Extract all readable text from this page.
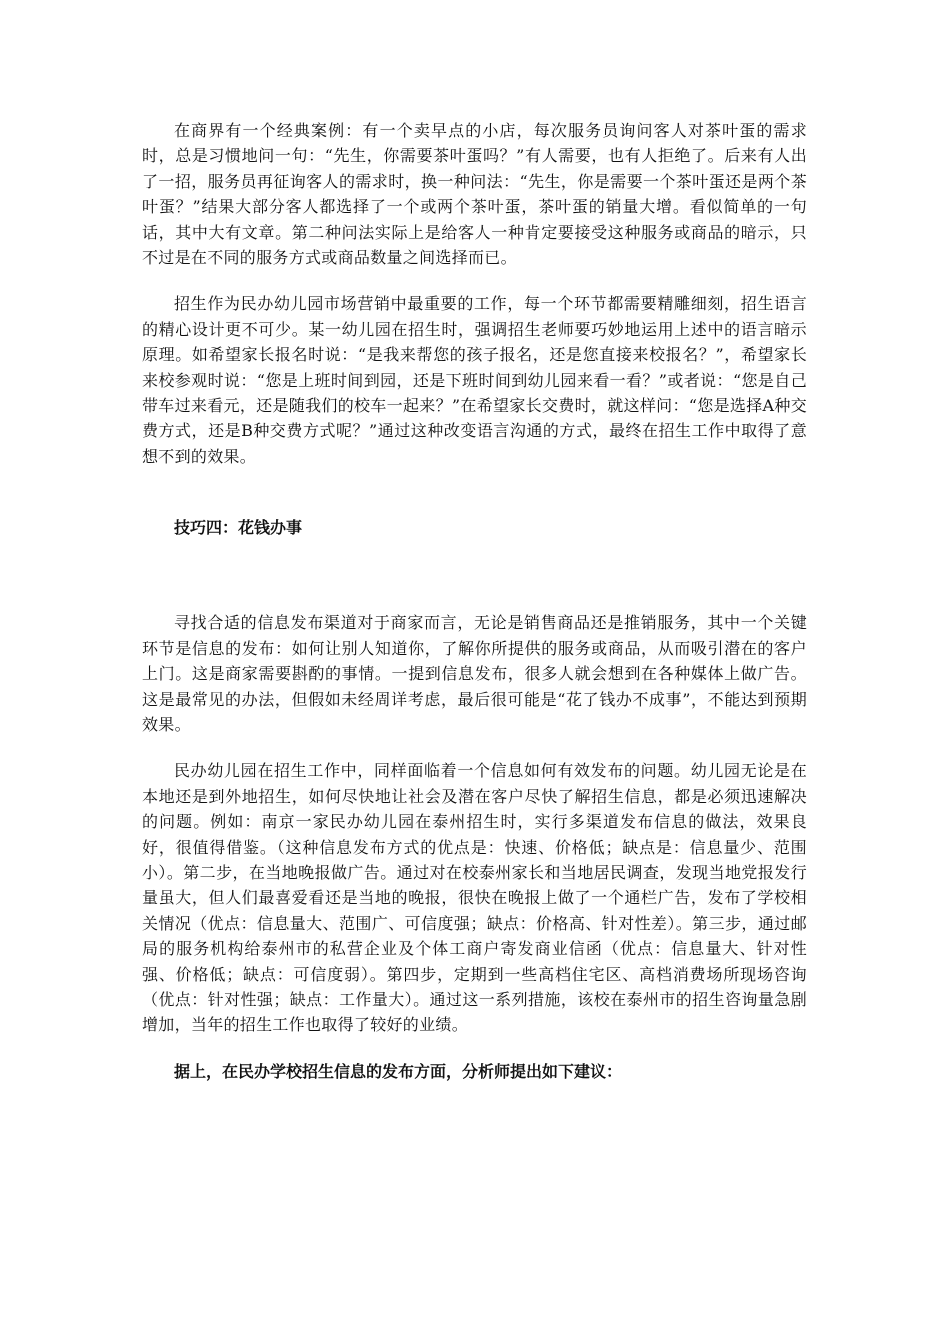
在商界有一个经典案例：有一个卖早点的小店，每次服务员询问客人对茶叶蛋的需求时，总是习惯地问一句：“先生，你需要茶叶蛋吗？”有人需要，也有人拒绝了。后来有人出了一招，服务员再征询客人的需求时，换一种问法：“先生，你是需要一个茶叶蛋还是两个茶叶蛋？”结果大部分客人都选择了一个或两个茶叶蛋，茶叶蛋的销量大增。看似简单的一句话，其中大有文章。第二种问法实际上是给客人一种肯定要接受这种服务或商品的暗示，只不过是在不同的服务方式或商品数量之间选择而已。

招生作为民办幼儿园市场营销中最重要的工作，每一个环节都需要精雕细刻，招生语言的精心设计更不可少。某一幼儿园在招生时，强调招生老师要巧妙地运用上述中的语言暗示原理。如希望家长报名时说：“是我来帮您的孩子报名，还是您直接来校报名？”，希望家长来校参观时说：“您是上班时间到园，还是下班时间到幼儿园来看一看？”或者说：“您是自己带车过来看元，还是随我们的校车一起来？”在希望家长交费时，就这样问：“您是选择A种交费方式，还是B种交费方式呢？”通过这种改变语言沟通的方式，最终在招生工作中取得了意想不到的效果。

技巧四：花钱办事

寻找合适的信息发布渠道对于商家而言，无论是销售商品还是推销服务，其中一个关键环节是信息的发布：如何让别人知道你，了解你所提供的服务或商品，从而吸引潜在的客户上门。这是商家需要斟酌的事情。一提到信息发布，很多人就会想到在各种媒体上做广告。这是最常见的办法，但假如未经周详考虑，最后很可能是“花了钱办不成事”，不能达到预期效果。

民办幼儿园在招生工作中，同样面临着一个信息如何有效发布的问题。幼儿园无论是在本地还是到外地招生，如何尽快地让社会及潜在客户尽快了解招生信息，都是必须迅速解决的问题。例如：南京一家民办幼儿园在泰州招生时，实行多渠道发布信息的做法，效果良好，很值得借鉴。（这种信息发布方式的优点是：快速、价格低；缺点是：信息量少、范围小）。第二步，在当地晚报做广告。通过对在校泰州家长和当地居民调查，发现当地党报发行量虽大，但人们最喜爱看还是当地的晚报，很快在晚报上做了一个通栏广告，发布了学校相关情况（优点：信息量大、范围广、可信度强；缺点：价格高、针对性差）。第三步，通过邮局的服务机构给泰州市的私营企业及个体工商户寄发商业信函（优点：信息量大、针对性强、价格低；缺点：可信度弱）。第四步，定期到一些高档住宅区、高档消费场所现场咨询（优点：针对性强；缺点：工作量大）。通过这一系列措施，该校在泰州市的招生咨询量急剧增加，当年的招生工作也取得了较好的业绩。

据上，在民办学校招生信息的发布方面，分析师提出如下建议：
